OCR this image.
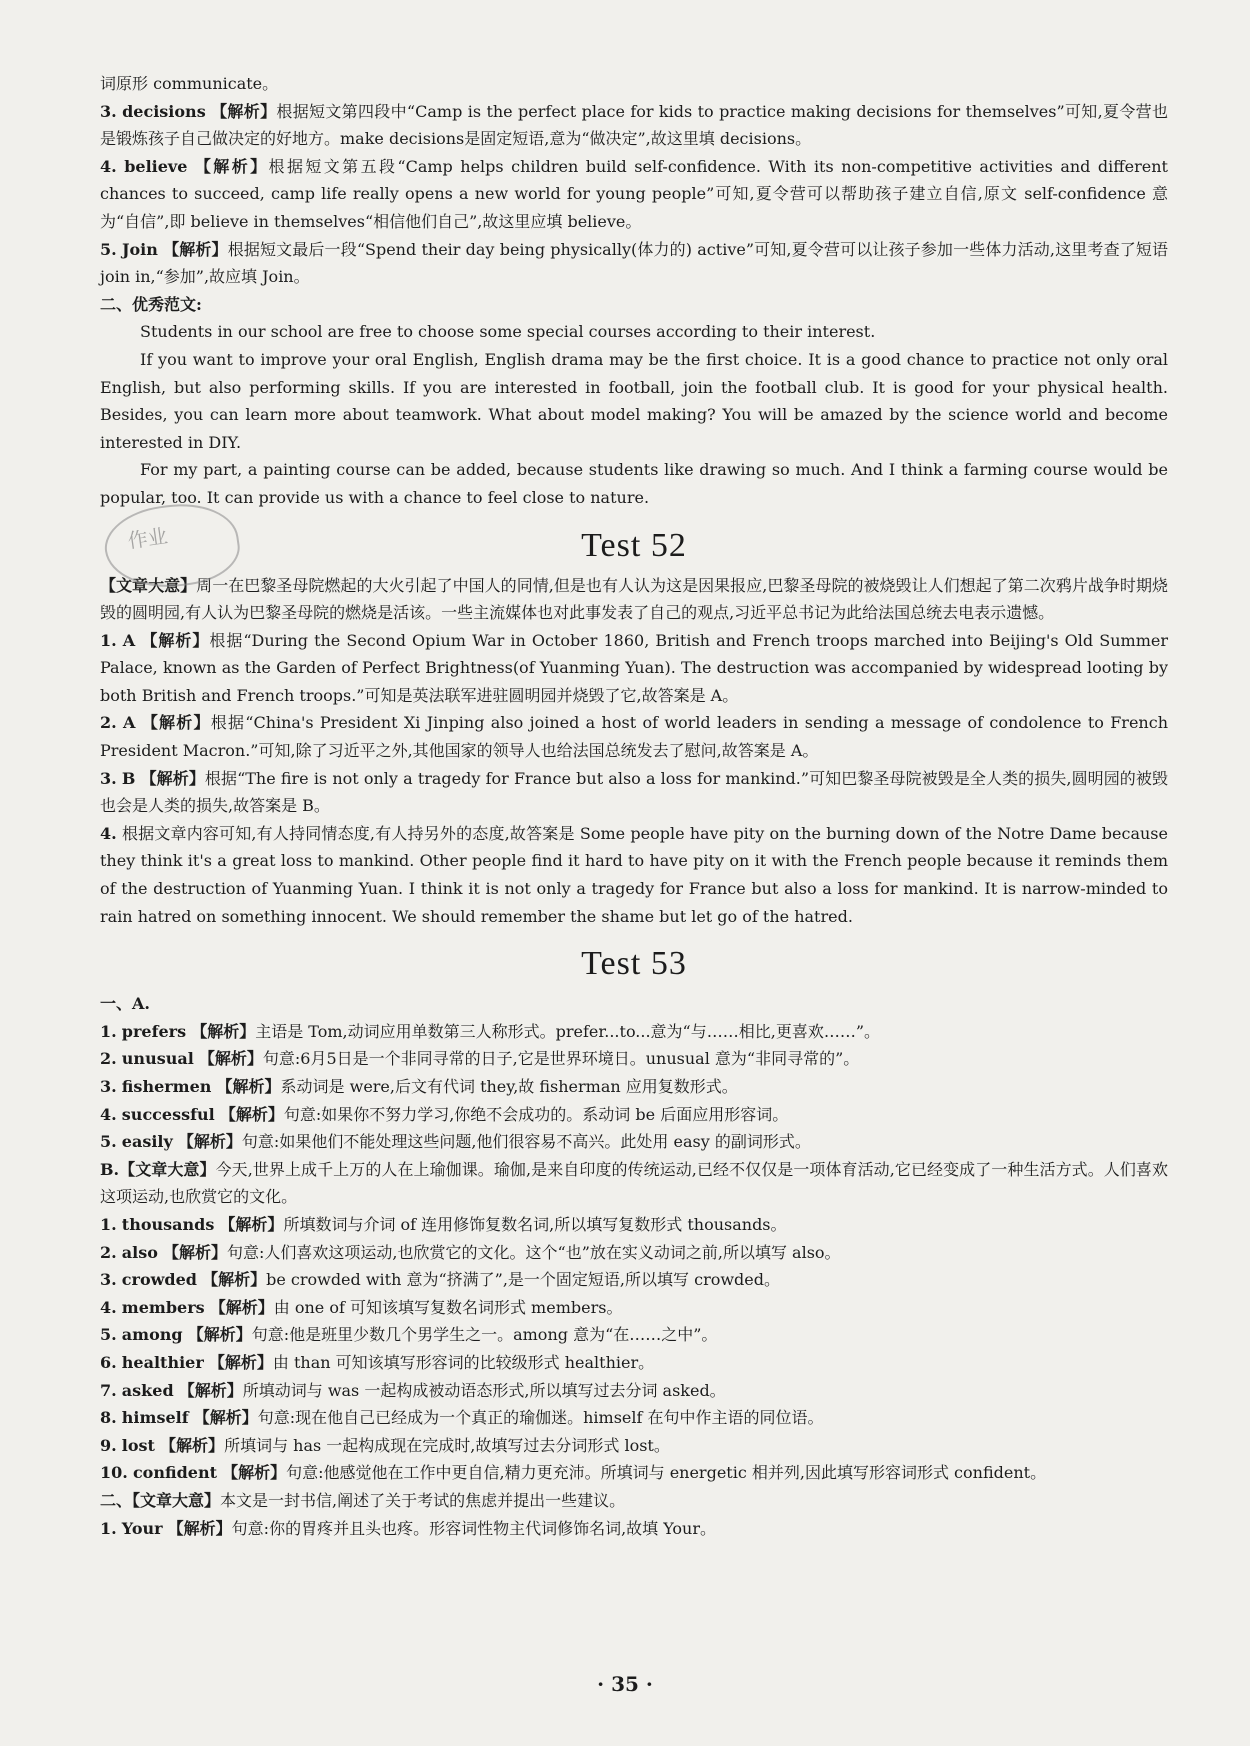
词原形 communicate。

3. decisions 【解析】根据短文第四段中“Camp is the perfect place for kids to practice making decisions for themselves”可知,夏令营也是锻炼孩子自己做决定的好地方。make decisions是固定短语,意为“做决定”,故这里填 decisions。

4. believe 【解析】根据短文第五段“Camp helps children build self-confidence. With its non-competitive activities and different chances to succeed, camp life really opens a new world for young people”可知,夏令营可以帮助孩子建立自信,原文 self-confidence 意为“自信”,即 believe in themselves“相信他们自己”,故这里应填 believe。

5. Join 【解析】根据短文最后一段“Spend their day being physically(体力的) active”可知,夏令营可以让孩子参加一些体力活动,这里考查了短语 join in,“参加”,故应填 Join。

二、优秀范文:

Students in our school are free to choose some special courses according to their interest.

If you want to improve your oral English, English drama may be the first choice. It is a good chance to practice not only oral English, but also performing skills. If you are interested in football, join the football club. It is good for your physical health. Besides, you can learn more about teamwork. What about model making? You will be amazed by the science world and become interested in DIY.

For my part, a painting course can be added, because students like drawing so much. And I think a farming course would be popular, too. It can provide us with a chance to feel close to nature.

Test 52

【文章大意】周一在巴黎圣母院燃起的大火引起了中国人的同情,但是也有人认为这是因果报应,巴黎圣母院的被烧毁让人们想起了第二次鸦片战争时期烧毁的圆明园,有人认为巴黎圣母院的燃烧是活该。一些主流媒体也对此事发表了自己的观点,习近平总书记为此给法国总统去电表示遗憾。

1. A 【解析】根据“During the Second Opium War in October 1860, British and French troops marched into Beijing's Old Summer Palace, known as the Garden of Perfect Brightness(of Yuanming Yuan). The destruction was accompanied by widespread looting by both British and French troops.”可知是英法联军进驻圆明园并烧毁了它,故答案是 A。

2. A 【解析】根据“China's President Xi Jinping also joined a host of world leaders in sending a message of condolence to French President Macron.”可知,除了习近平之外,其他国家的领导人也给法国总统发去了慰问,故答案是 A。

3. B 【解析】根据“The fire is not only a tragedy for France but also a loss for mankind.”可知巴黎圣母院被毁是全人类的损失,圆明园的被毁也会是人类的损失,故答案是 B。

4. 根据文章内容可知,有人持同情态度,有人持另外的态度,故答案是 Some people have pity on the burning down of the Notre Dame because they think it's a great loss to mankind. Other people find it hard to have pity on it with the French people because it reminds them of the destruction of Yuanming Yuan. I think it is not only a tragedy for France but also a loss for mankind. It is narrow-minded to rain hatred on something innocent. We should remember the shame but let go of the hatred.

Test 53

一、A.

1. prefers 【解析】主语是 Tom,动词应用单数第三人称形式。prefer...to...意为“与……相比,更喜欢……”。

2. unusual 【解析】句意:6月5日是一个非同寻常的日子,它是世界环境日。unusual 意为“非同寻常的”。

3. fishermen 【解析】系动词是 were,后文有代词 they,故 fisherman 应用复数形式。

4. successful 【解析】句意:如果你不努力学习,你绝不会成功的。系动词 be 后面应用形容词。

5. easily 【解析】句意:如果他们不能处理这些问题,他们很容易不高兴。此处用 easy 的副词形式。

B.【文章大意】今天,世界上成千上万的人在上瑜伽课。瑜伽,是来自印度的传统运动,已经不仅仅是一项体育活动,它已经变成了一种生活方式。人们喜欢这项运动,也欣赏它的文化。

1. thousands 【解析】所填数词与介词 of 连用修饰复数名词,所以填写复数形式 thousands。

2. also 【解析】句意:人们喜欢这项运动,也欣赏它的文化。这个“也”放在实义动词之前,所以填写 also。

3. crowded 【解析】be crowded with 意为“挤满了”,是一个固定短语,所以填写 crowded。

4. members 【解析】由 one of 可知该填写复数名词形式 members。

5. among 【解析】句意:他是班里少数几个男学生之一。among 意为“在……之中”。

6. healthier 【解析】由 than 可知该填写形容词的比较级形式 healthier。

7. asked 【解析】所填动词与 was 一起构成被动语态形式,所以填写过去分词 asked。

8. himself 【解析】句意:现在他自己已经成为一个真正的瑜伽迷。himself 在句中作主语的同位语。

9. lost 【解析】所填词与 has 一起构成现在完成时,故填写过去分词形式 lost。

10. confident 【解析】句意:他感觉他在工作中更自信,精力更充沛。所填词与 energetic 相并列,因此填写形容词形式 confident。

二、【文章大意】本文是一封书信,阐述了关于考试的焦虑并提出一些建议。

1. Your 【解析】句意:你的胃疼并且头也疼。形容词性物主代词修饰名词,故填 Your。

作业
· 35 ·
